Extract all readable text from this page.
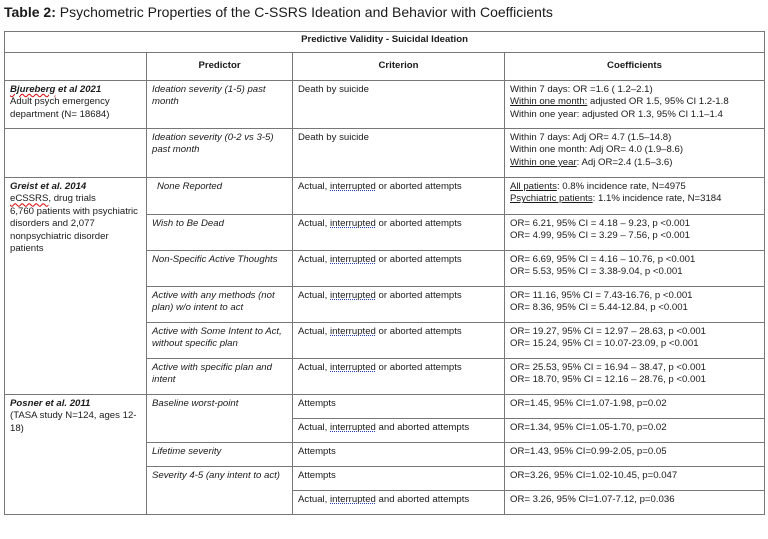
Table 2: Psychometric Properties of the C-SSRS Ideation and Behavior with Coefficients
Predictive Validity - Suicidal Ideation			
	Predictor	Criterion	Coefficients
Bjureberg et al 2021
Adult psych emergency department (N= 18684)	Ideation severity (1-5) past month	Death by suicide	Within 7 days: OR =1.6 ( 1.2–2.1)
Within one month: adjusted OR 1.5, 95% CI 1.2-1.8
Within one year: adjusted OR 1.3, 95% CI 1.1–1.4

	Ideation severity (0-2 vs 3-5) past month	Death by suicide	Within 7 days: Adj OR= 4.7 (1.5–14.8)
Within one month: Adj OR= 4.0 (1.9–8.6)
Within one year: Adj OR=2.4 (1.5–3.6)

Greist et al. 2014
eCSSRS, drug trials
6,760 patients with psychiatric disorders and 2,077 nonpsychiatric disorder patients	None Reported	Actual, interrupted or aborted attempts	All patients: 0.8% incidence rate, N=4975
Psychiatric patients: 1.1% incidence rate, N=3184

	Wish to Be Dead	Actual, interrupted or aborted attempts	OR= 6.21, 95% CI = 4.18 – 9.23, p <0.001
OR= 4.99, 95% CI = 3.29 – 7.56, p <0.001

	Non-Specific Active Thoughts	Actual, interrupted or aborted attempts	OR= 6.69, 95% CI = 4.16 – 10.76, p <0.001
OR= 5.53, 95% CI = 3.38-9.04, p <0.001

	Active with any methods (not plan) w/o intent to act	Actual, interrupted or aborted attempts	OR= 11.16, 95% CI = 7.43-16.76, p <0.001
OR= 8.36, 95% CI = 5.44-12.84, p <0.001

	Active with Some Intent to Act, without specific plan	Actual, interrupted or aborted attempts	OR= 19.27, 95% CI = 12.97 – 28.63, p <0.001
OR= 15.24, 95% CI = 10.07-23.09, p <0.001

	Active with specific plan and intent	Actual, interrupted or aborted attempts	OR= 25.53, 95% CI = 16.94 – 38.47, p <0.001
OR= 18.70, 95% CI = 12.16 – 28.76, p <0.001

Posner et al. 2011
(TASA study N=124, ages 12-18)	Baseline worst-point	Attempts	OR=1.45, 95% CI=1.07-1.98, p=0.02
		Actual, interrupted and aborted attempts	OR=1.34, 95% CI=1.05-1.70, p=0.02
	Lifetime severity	Attempts	OR=1.43, 95% CI=0.99-2.05, p=0.05
	Severity 4-5 (any intent to act)	Attempts	OR=3.26, 95% CI=1.02-10.45, p=0.047
		Actual, interrupted and aborted attempts	OR= 3.26, 95% CI=1.07-7.12, p=0.036
